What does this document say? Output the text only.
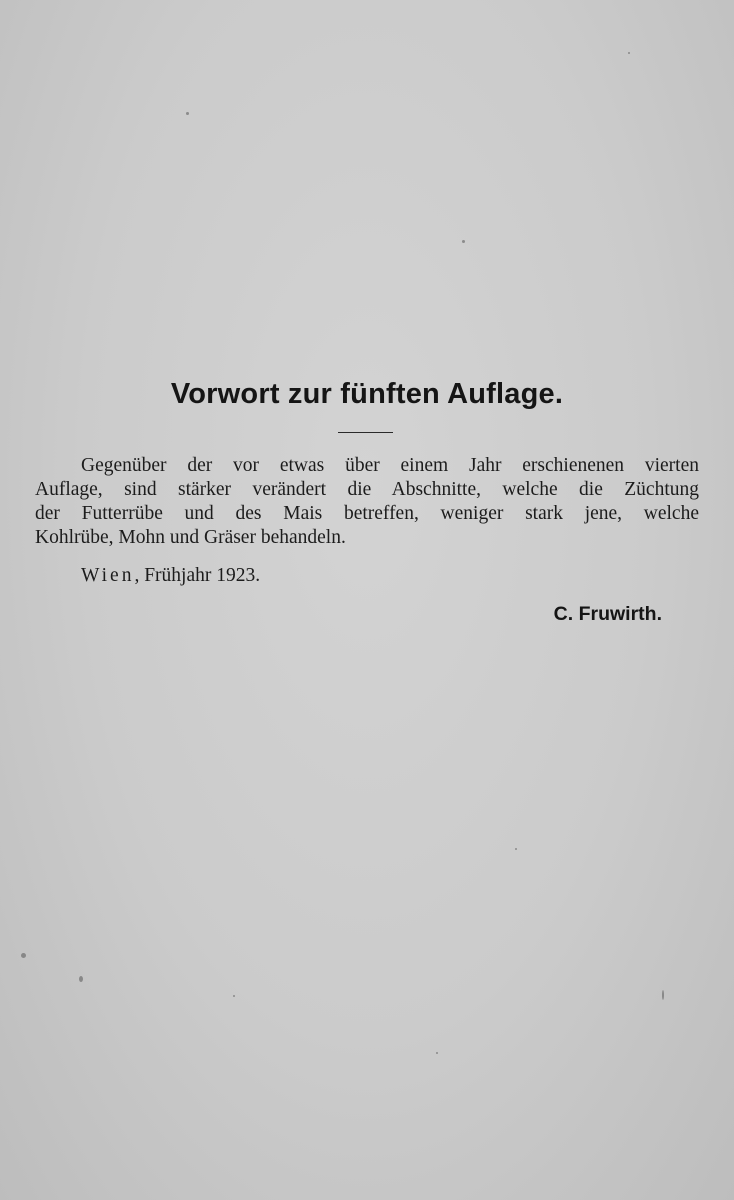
Vorwort zur fünften Auflage.

Gegenüber der vor etwas über einem Jahr erschienenen vierten
Auflage, sind stärker verändert die Abschnitte, welche die Züchtung
der Futterrübe und des Mais betreffen, weniger stark jene, welche
Kohlrübe, Mohn und Gräser behandeln.

Wien, Frühjahr 1923.

C. Fruwirth.
